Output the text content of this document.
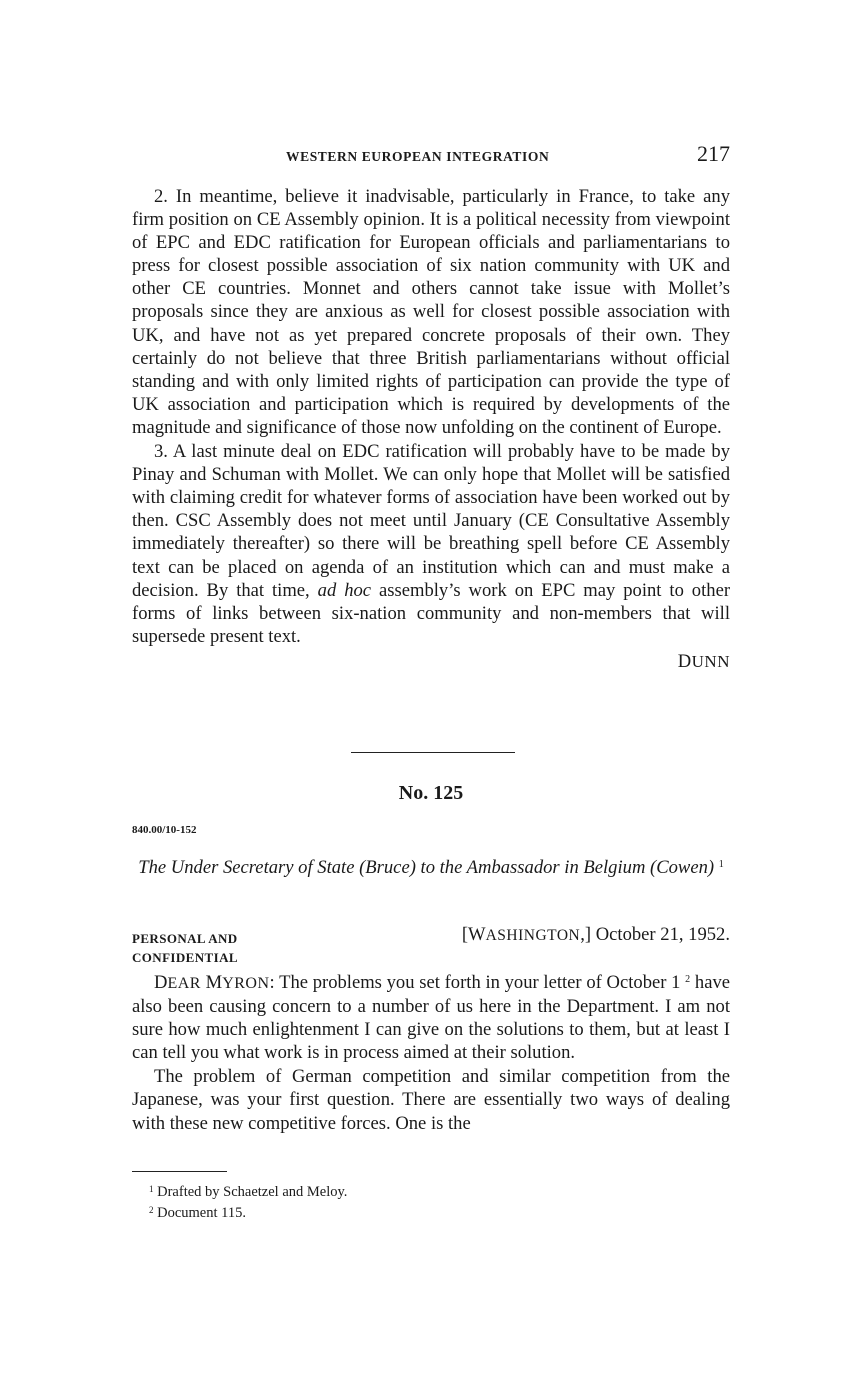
WESTERN EUROPEAN INTEGRATION	217

2. In meantime, believe it inadvisable, particularly in France, to take any firm position on CE Assembly opinion. It is a political necessity from viewpoint of EPC and EDC ratification for European officials and parliamentarians to press for closest possible association of six nation community with UK and other CE countries. Monnet and others cannot take issue with Mollet’s proposals since they are anxious as well for closest possible association with UK, and have not as yet prepared concrete proposals of their own. They certainly do not believe that three British parliamentarians without official standing and with only limited rights of participation can provide the type of UK association and participation which is required by developments of the magnitude and significance of those now unfolding on the continent of Europe.

3. A last minute deal on EDC ratification will probably have to be made by Pinay and Schuman with Mollet. We can only hope that Mollet will be satisfied with claiming credit for whatever forms of association have been worked out by then. CSC Assembly does not meet until January (CE Consultative Assembly immediately thereafter) so there will be breathing spell before CE Assembly text can be placed on agenda of an institution which can and must make a decision. By that time, ad hoc assembly’s work on EPC may point to other forms of links between six-nation community and non-members that will supersede present text.

DUNN
No. 125
840.00/10-152
The Under Secretary of State (Bruce) to the Ambassador in Belgium (Cowen) $^1$
PERSONAL AND
CONFIDENTIAL
[WASHINGTON,] October 21, 1952.

DEAR MYRON: The problems you set forth in your letter of October 1 $^2$ have also been causing concern to a number of us here in the Department. I am not sure how much enlightenment I can give on the solutions to them, but at least I can tell you what work is in process aimed at their solution.

The problem of German competition and similar competition from the Japanese, was your first question. There are essentially two ways of dealing with these new competitive forces. One is the

$^1$ Drafted by Schaetzel and Meloy.
$^2$ Document 115.
